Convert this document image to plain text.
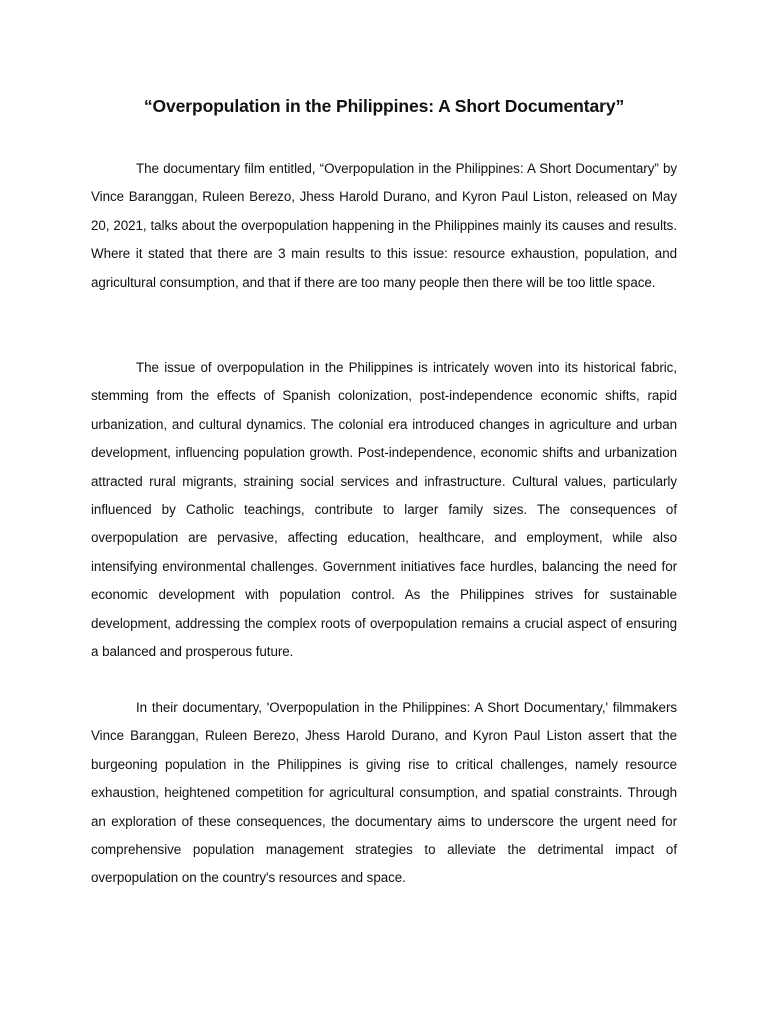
“Overpopulation in the Philippines: A Short Documentary”

The documentary film entitled, “Overpopulation in the Philippines: A Short Documentary” by Vince Baranggan, Ruleen Berezo, Jhess Harold Durano, and Kyron Paul Liston, released on May 20, 2021, talks about the overpopulation happening in the Philippines mainly its causes and results. Where it stated that there are 3 main results to this issue: resource exhaustion, population, and agricultural consumption, and that if there are too many people then there will be too little space.

The issue of overpopulation in the Philippines is intricately woven into its historical fabric, stemming from the effects of Spanish colonization, post-independence economic shifts, rapid urbanization, and cultural dynamics. The colonial era introduced changes in agriculture and urban development, influencing population growth. Post-independence, economic shifts and urbanization attracted rural migrants, straining social services and infrastructure. Cultural values, particularly influenced by Catholic teachings, contribute to larger family sizes. The consequences of overpopulation are pervasive, affecting education, healthcare, and employment, while also intensifying environmental challenges. Government initiatives face hurdles, balancing the need for economic development with population control. As the Philippines strives for sustainable development, addressing the complex roots of overpopulation remains a crucial aspect of ensuring a balanced and prosperous future.

In their documentary, 'Overpopulation in the Philippines: A Short Documentary,' filmmakers Vince Baranggan, Ruleen Berezo, Jhess Harold Durano, and Kyron Paul Liston assert that the burgeoning population in the Philippines is giving rise to critical challenges, namely resource exhaustion, heightened competition for agricultural consumption, and spatial constraints. Through an exploration of these consequences, the documentary aims to underscore the urgent need for comprehensive population management strategies to alleviate the detrimental impact of overpopulation on the country's resources and space.
